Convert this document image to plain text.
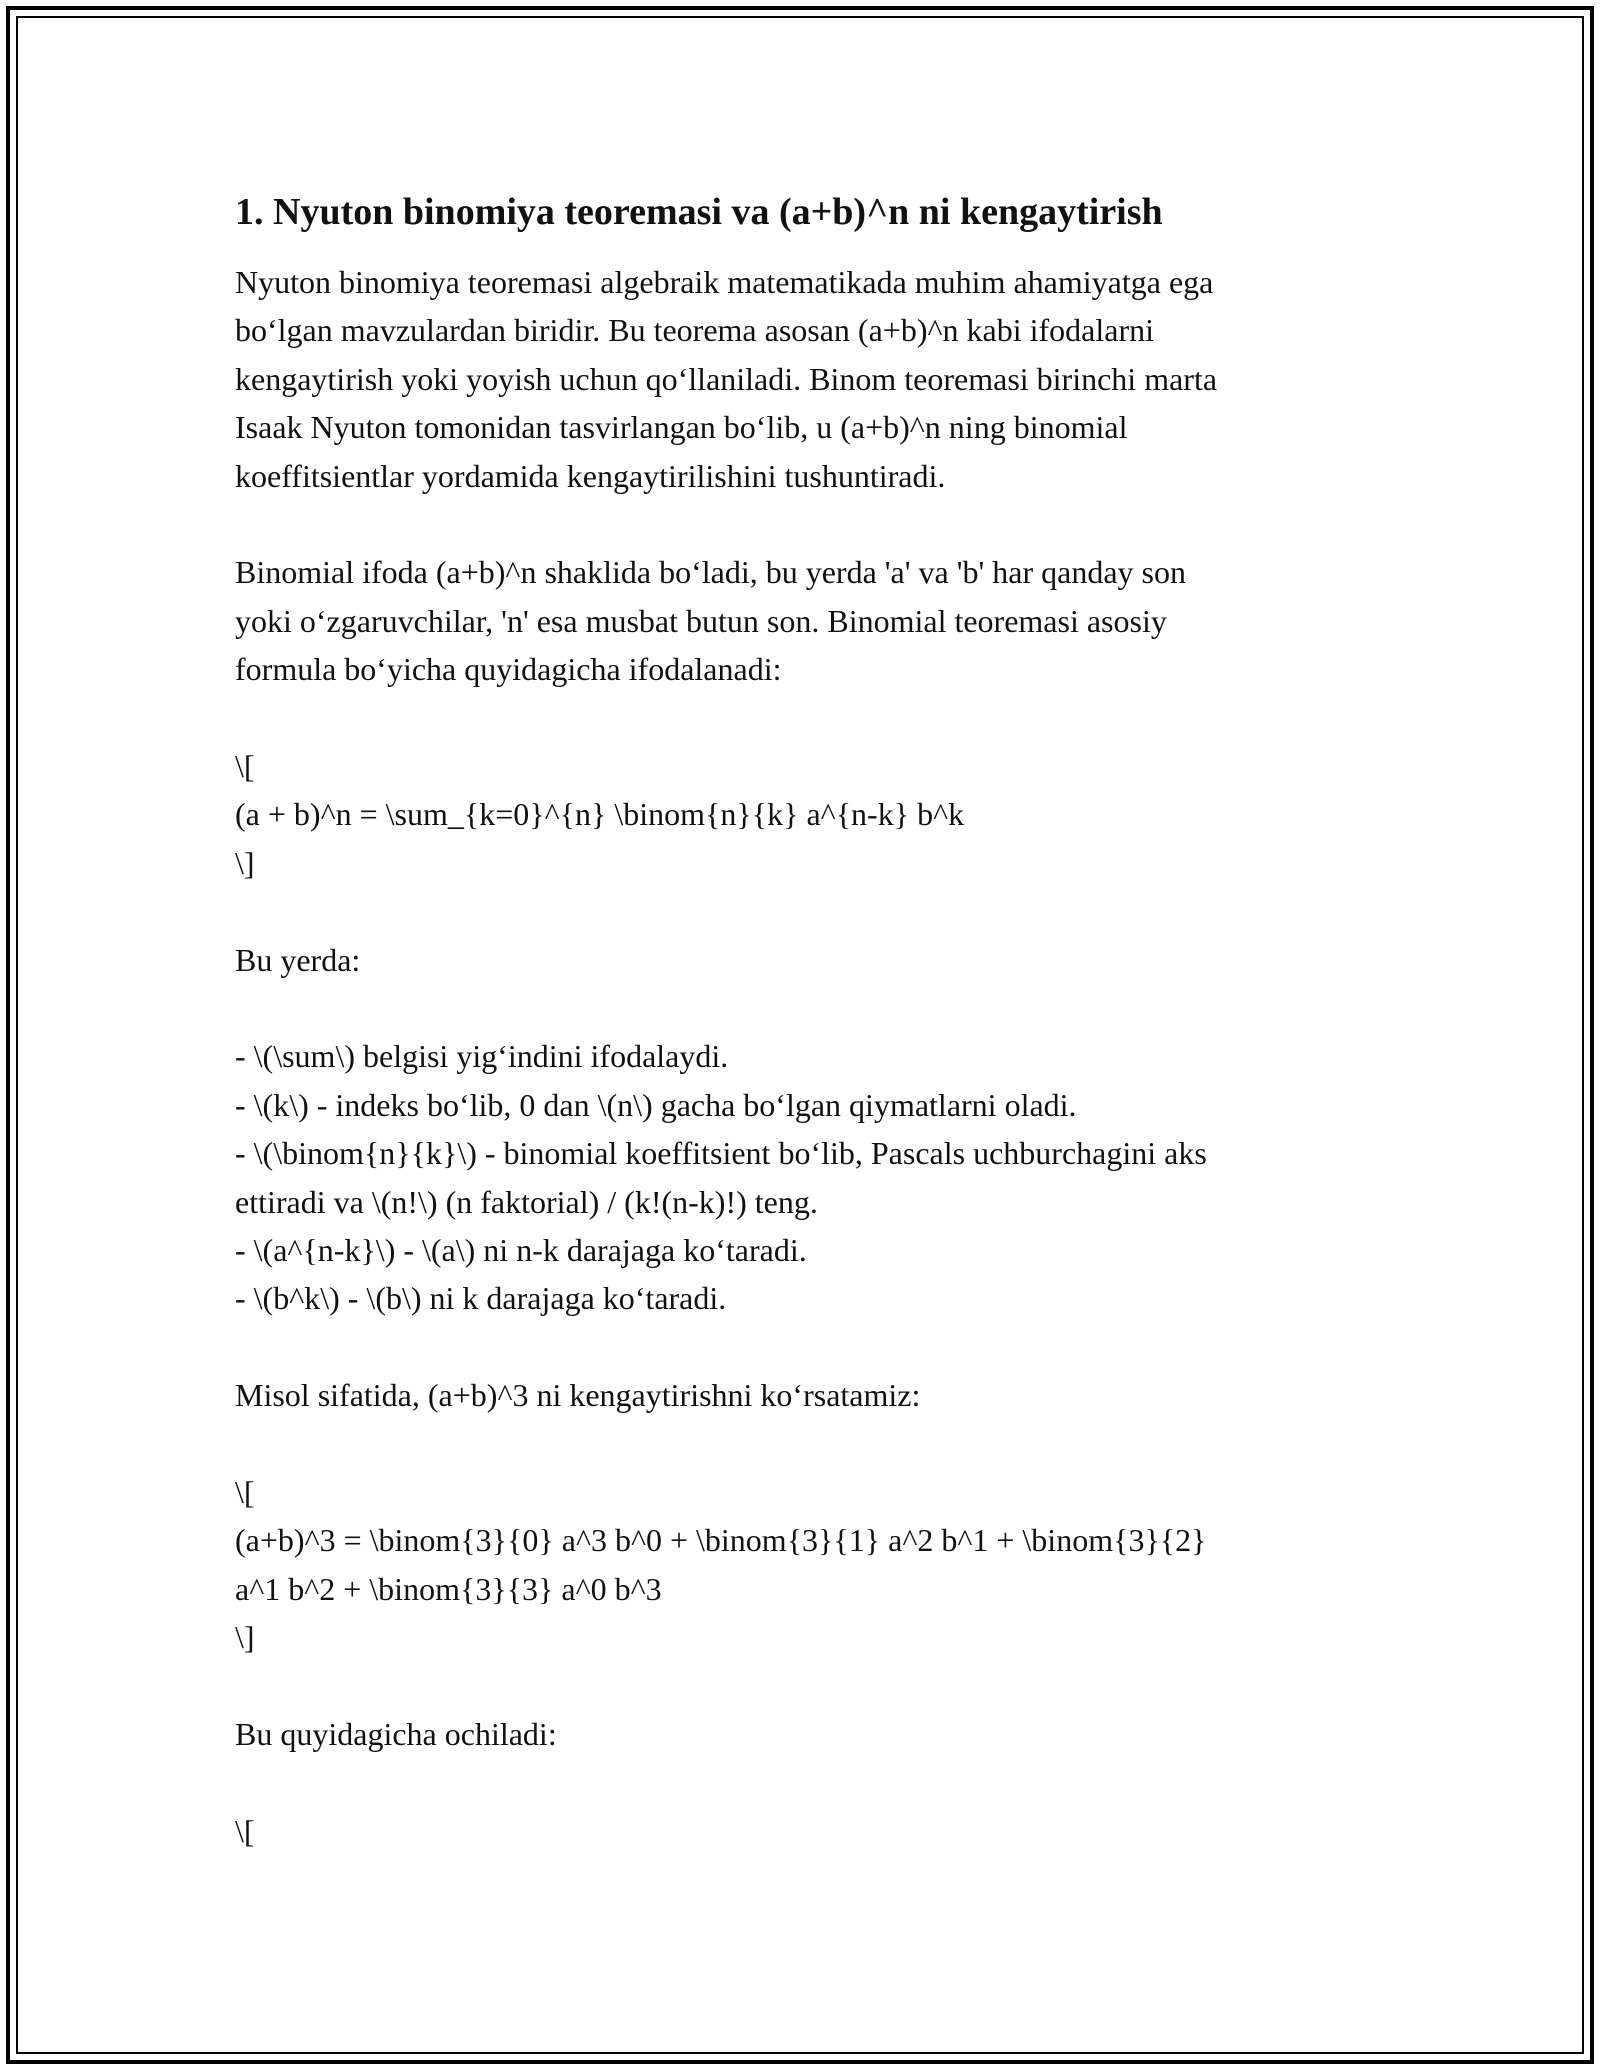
1. Nyuton binomiya teoremasi va (a+b)^n ni kengaytirish
Nyuton binomiya teoremasi algebraik matematikada muhim ahamiyatga ega
bo‘lgan mavzulardan biridir. Bu teorema asosan (a+b)^n kabi ifodalarni
kengaytirish yoki yoyish uchun qo‘llaniladi. Binom teoremasi birinchi marta
Isaak Nyuton tomonidan tasvirlangan bo‘lib, u (a+b)^n ning binomial
koeffitsientlar yordamida kengaytirilishini tushuntiradi.
Binomial ifoda (a+b)^n shaklida bo‘ladi, bu yerda 'a' va 'b' har qanday son
yoki o‘zgaruvchilar, 'n' esa musbat butun son. Binomial teoremasi asosiy
formula bo‘yicha quyidagicha ifodalanadi:
\[
(a + b)^n = \sum_{k=0}^{n} \binom{n}{k} a^{n-k} b^k
\]
Bu yerda:
- \(\sum\) belgisi yig‘indini ifodalaydi.
- \(k\) - indeks bo‘lib, 0 dan \(n\) gacha bo‘lgan qiymatlarni oladi.
- \(\binom{n}{k}\) - binomial koeffitsient bo‘lib, Pascals uchburchagini aks
ettiradi va \(n!\) (n faktorial) / (k!(n-k)!) teng.
- \(a^{n-k}\) - \(a\) ni n-k darajaga ko‘taradi.
- \(b^k\) - \(b\) ni k darajaga ko‘taradi.
Misol sifatida, (a+b)^3 ni kengaytirishni ko‘rsatamiz:
\[
(a+b)^3 = \binom{3}{0} a^3 b^0 + \binom{3}{1} a^2 b^1 + \binom{3}{2}
a^1 b^2 + \binom{3}{3} a^0 b^3
\]
Bu quyidagicha ochiladi:
\[
